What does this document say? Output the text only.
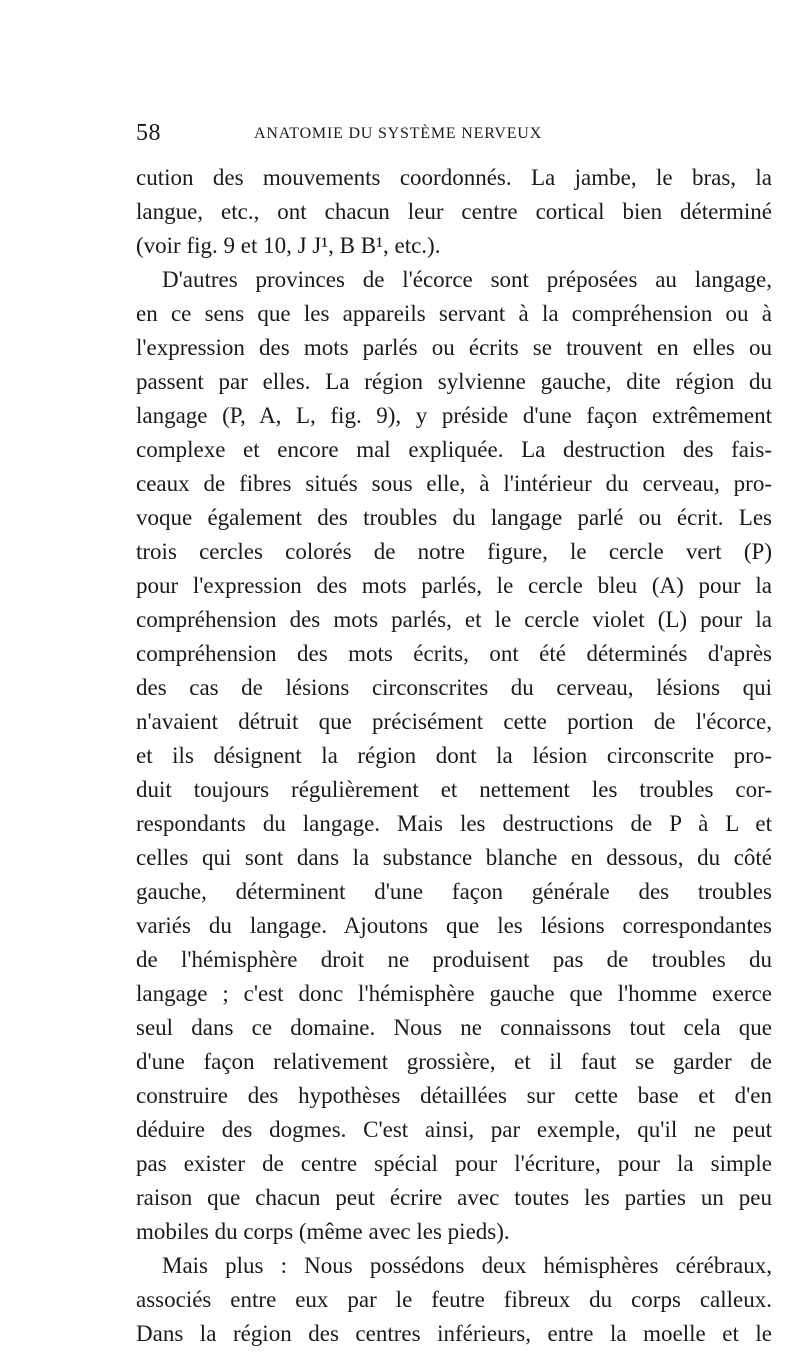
58	ANATOMIE DU SYSTÈME NERVEUX
cution des mouvements coordonnés. La jambe, le bras, la
langue, etc., ont chacun leur centre cortical bien déterminé
(voir fig. 9 et 10, J J¹, B B¹, etc.).
D'autres provinces de l'écorce sont préposées au langage,
en ce sens que les appareils servant à la compréhension ou à
l'expression des mots parlés ou écrits se trouvent en elles ou
passent par elles. La région sylvienne gauche, dite région du
langage (P, A, L, fig. 9), y préside d'une façon extrêmement
complexe et encore mal expliquée. La destruction des fais-
ceaux de fibres situés sous elle, à l'intérieur du cerveau, pro-
voque également des troubles du langage parlé ou écrit. Les
trois cercles colorés de notre figure, le cercle vert (P)
pour l'expression des mots parlés, le cercle bleu (A) pour la
compréhension des mots parlés, et le cercle violet (L) pour la
compréhension des mots écrits, ont été déterminés d'après
des cas de lésions circonscrites du cerveau, lésions qui
n'avaient détruit que précisément cette portion de l'écorce,
et ils désignent la région dont la lésion circonscrite pro-
duit toujours régulièrement et nettement les troubles cor-
respondants du langage. Mais les destructions de P à L et
celles qui sont dans la substance blanche en dessous, du côté
gauche, déterminent d'une façon générale des troubles
variés du langage. Ajoutons que les lésions correspondantes
de l'hémisphère droit ne produisent pas de troubles du
langage ; c'est donc l'hémisphère gauche que l'homme exerce
seul dans ce domaine. Nous ne connaissons tout cela que
d'une façon relativement grossière, et il faut se garder de
construire des hypothèses détaillées sur cette base et d'en
déduire des dogmes. C'est ainsi, par exemple, qu'il ne peut
pas exister de centre spécial pour l'écriture, pour la simple
raison que chacun peut écrire avec toutes les parties un peu
mobiles du corps (même avec les pieds).
Mais plus : Nous possédons deux hémisphères cérébraux,
associés entre eux par le feutre fibreux du corps calleux.
Dans la région des centres inférieurs, entre la moelle et le
